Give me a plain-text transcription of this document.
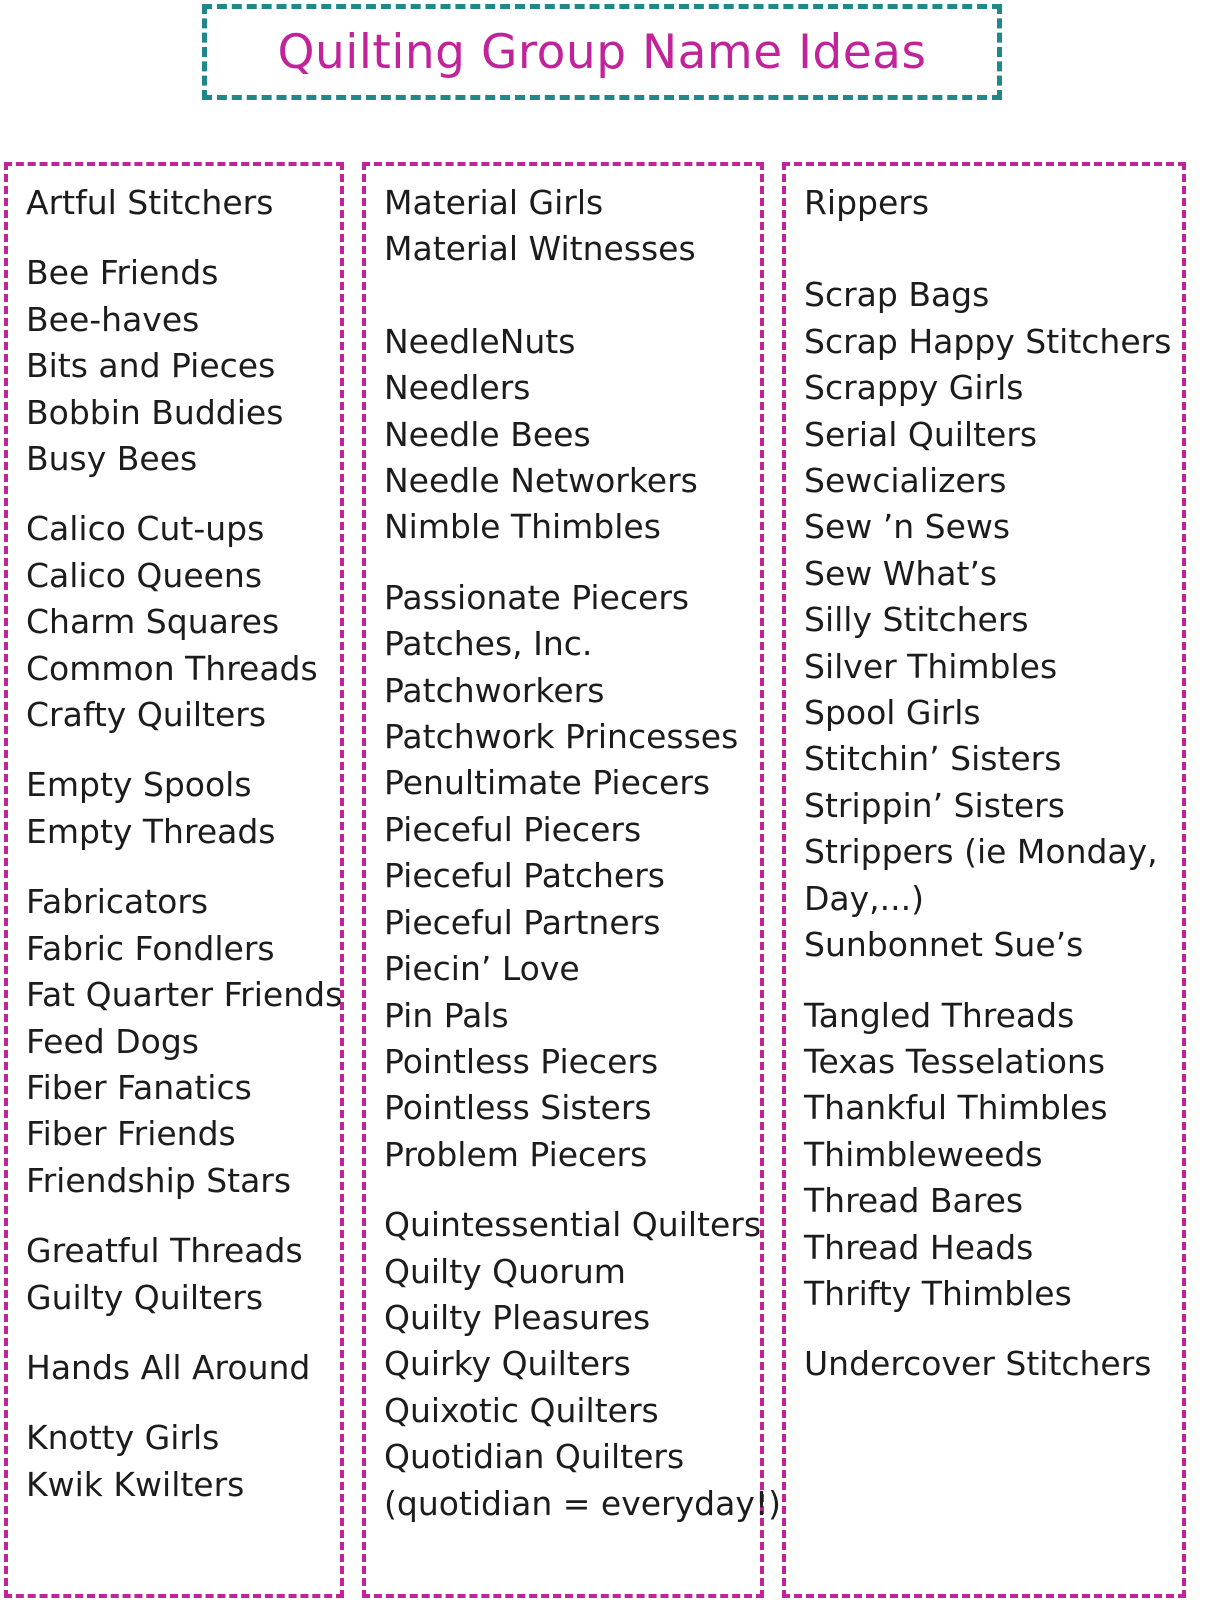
Quilting Group Name Ideas
Artful Stitchers
Bee Friends
Bee-haves
Bits and Pieces
Bobbin Buddies
Busy Bees
Calico Cut-ups
Calico Queens
Charm Squares
Common Threads
Crafty Quilters
Empty Spools
Empty Threads
Fabricators
Fabric Fondlers
Fat Quarter Friends
Feed Dogs
Fiber Fanatics
Fiber Friends
Friendship Stars
Greatful Threads
Guilty Quilters
Hands All Around
Knotty Girls
Kwik Kwilters
Material Girls
Material Witnesses
NeedleNuts
Needlers
Needle Bees
Needle Networkers
Nimble Thimbles
Passionate Piecers
Patches, Inc.
Patchworkers
Patchwork Princesses
Penultimate Piecers
Pieceful Piecers
Pieceful Patchers
Pieceful Partners
Piecin’ Love
Pin Pals
Pointless Piecers
Pointless Sisters
Problem Piecers
Quintessential Quilters
Quilty Quorum
Quilty Pleasures
Quirky Quilters
Quixotic Quilters
Quotidian Quilters
(quotidian = everyday!)
Rippers
Scrap Bags
Scrap Happy Stitchers
Scrappy Girls
Serial Quilters
Sewcializers
Sew ’n Sews
Sew What’s
Silly Stitchers
Silver Thimbles
Spool Girls
Stitchin’ Sisters
Strippin’ Sisters
Strippers (ie Monday,
Day,...)
Sunbonnet Sue’s
Tangled Threads
Texas Tesselations
Thankful Thimbles
Thimbleweeds
Thread Bares
Thread Heads
Thrifty Thimbles
Undercover Stitchers
